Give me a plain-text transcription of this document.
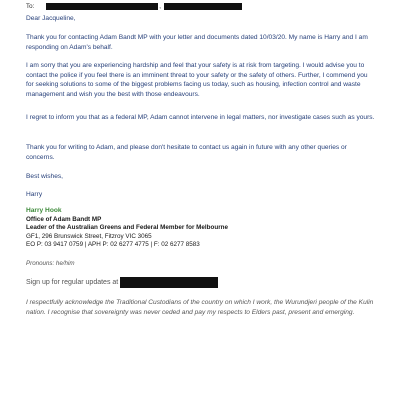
To:	,

Dear Jacqueline,

Thank you for contacting Adam Bandt MP with your letter and documents dated 10/03/20. My name is Harry and I am responding on Adam's behalf.

I am sorry that you are experiencing hardship and feel that your safety is at risk from targeting. I would advise you to contact the police if you feel there is an imminent threat to your safety or the safety of others. Further, I commend you for seeking solutions to some of the biggest problems facing us today, such as housing, infection control and waste management and wish you the best with those endeavours.

I regret to inform you that as a federal MP, Adam cannot intervene in legal matters, nor investigate cases such as yours.

Thank you for writing to Adam, and please don't hesitate to contact us again in future with any other queries or concerns.

Best wishes,

Harry

Harry Hook
Office of Adam Bandt MP
Leader of the Australian Greens and Federal Member for Melbourne
GF1, 296 Brunswick Street, Fitzroy VIC 3065
EO P: 03 9417 0759 | APH P: 02 6277 4775 | F: 02 6277 8583
Pronouns: he/him
Sign up for regular updates at

I respectfully acknowledge the Traditional Custodians of the country on which I work, the Wurundjeri people of the Kulin nation. I recognise that sovereignty was never ceded and pay my respects to Elders past, present and emerging.
